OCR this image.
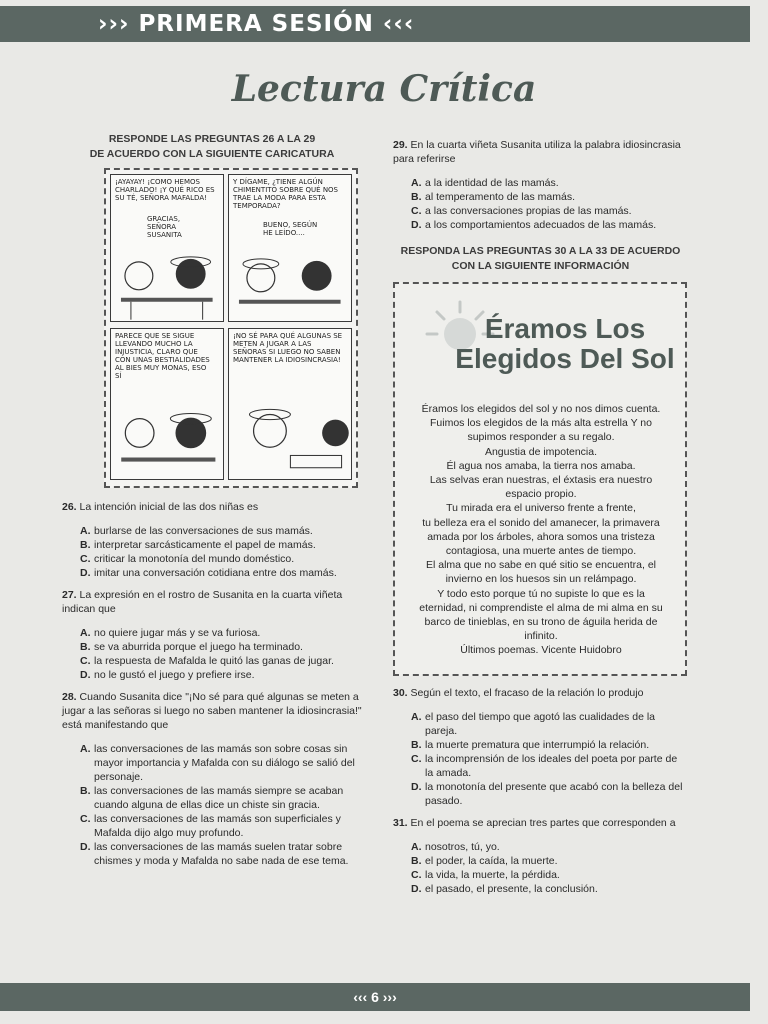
››› PRIMERA SESIÓN ‹‹‹
Lectura Crítica
RESPONDE LAS PREGUNTAS 26 A LA 29
DE ACUERDO CON LA SIGUIENTE CARICATURA
¡AYAYAY! ¡COMO HEMOS CHARLADO! ¡Y QUÉ RICO ES SU TÉ, SEÑORA MAFALDA!
GRACIAS, SEÑORA SUSANITA
Y DÍGAME, ¿TIENE ALGÚN CHIMENTITO SOBRE QUÉ NOS TRAE LA MODA PARA ESTA TEMPORADA?
BUENO, SEGÚN HE LEÍDO....
PARECE QUE SE SIGUE LLEVANDO MUCHO LA INJUSTICIA, CLARO QUE CON UNAS BESTIALIDADES AL BIES MUY MONAS, ESO SÍ
¡NO SÉ PARA QUÉ ALGUNAS SE METEN A JUGAR A LAS SEÑORAS SI LUEGO NO SABEN MANTENER LA IDIOSINCRASIA!
26. La intención inicial de las dos niñas es
A. burlarse de las conversaciones de sus mamás.
B. interpretar sarcásticamente el papel de mamás.
C. criticar la monotonía del mundo doméstico.
D. imitar una conversación cotidiana entre dos mamás.
27. La expresión en el rostro de Susanita en la cuarta viñeta indican que
A. no quiere jugar más y se va furiosa.
B. se va aburrida porque el juego ha terminado.
C. la respuesta de Mafalda le quitó las ganas de jugar.
D. no le gustó el juego y prefiere irse.
28. Cuando Susanita dice "¡No sé para qué algunas se meten a jugar a las señoras si luego no saben mantener la idiosincrasia!" está manifestando que
A. las conversaciones de las mamás son sobre cosas sin mayor importancia y Mafalda con su diálogo se salió del personaje.
B. las conversaciones de las mamás siempre se acaban cuando alguna de ellas dice un chiste sin gracia.
C. las conversaciones de las mamás son superficiales y Mafalda dijo algo muy profundo.
D. las conversaciones de las mamás suelen tratar sobre chismes y moda y Mafalda no sabe nada de ese tema.
29. En la cuarta viñeta Susanita utiliza la palabra idiosincrasia para referirse
A. a la identidad de las mamás.
B. al temperamento de las mamás.
C. a las conversaciones propias de las mamás.
D. a los comportamientos adecuados de las mamás.
RESPONDA LAS PREGUNTAS 30 A LA 33 DE ACUERDO
CON LA SIGUIENTE INFORMACIÓN
Éramos Los
Elegidos Del Sol
Éramos los elegidos del sol y no nos dimos cuenta.
Fuimos los elegidos de la más alta estrella Y no
supimos responder a su regalo.
Angustia de impotencia.
Él agua nos amaba, la tierra nos amaba.
Las selvas eran nuestras, el éxtasis era nuestro
espacio propio.
Tu mirada era el universo frente a frente,
tu belleza era el sonido del amanecer, la primavera
amada por los árboles, ahora somos una tristeza
contagiosa, una muerte antes de tiempo.
El alma que no sabe en qué sitio se encuentra, el
invierno en los huesos sin un relámpago.
Y todo esto porque tú no supiste lo que es la
eternidad, ni comprendiste el alma de mi alma en su
barco de tinieblas, en su trono de águila herida de
infinito.
Últimos poemas. Vicente Huidobro
30. Según el texto, el fracaso de la relación lo produjo
A. el paso del tiempo que agotó las cualidades de la pareja.
B. la muerte prematura que interrumpió la relación.
C. la incomprensión de los ideales del poeta por parte de la amada.
D. la monotonía del presente que acabó con la belleza del pasado.
31. En el poema se aprecian tres partes que corresponden a
A. nosotros, tú, yo.
B. el poder, la caída, la muerte.
C. la vida, la muerte, la pérdida.
D. el pasado, el presente, la conclusión.
‹‹‹ 6 ›››
